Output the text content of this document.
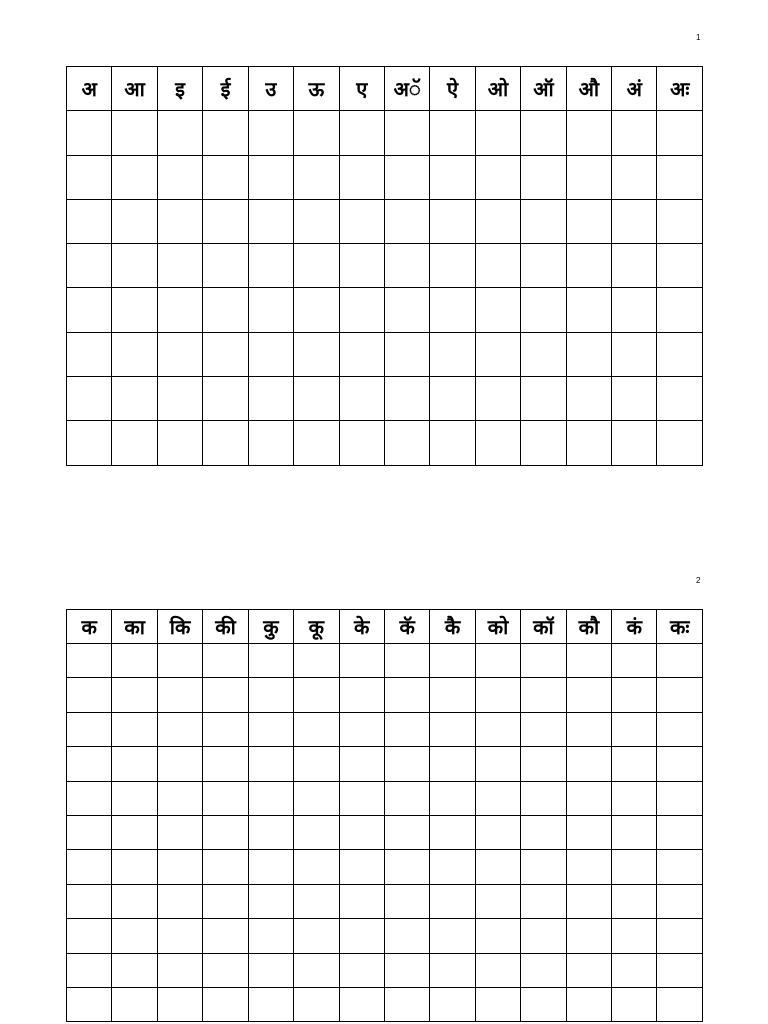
1
अ	आ	इ	ई	उ	ऊ	ए	अॅ	ऐ	ओ	ऑ	औ	अं	अः

2
क	का	कि	की	कु	कू	के	कॅ	कै	को	कॉ	कौ	कं	कः
